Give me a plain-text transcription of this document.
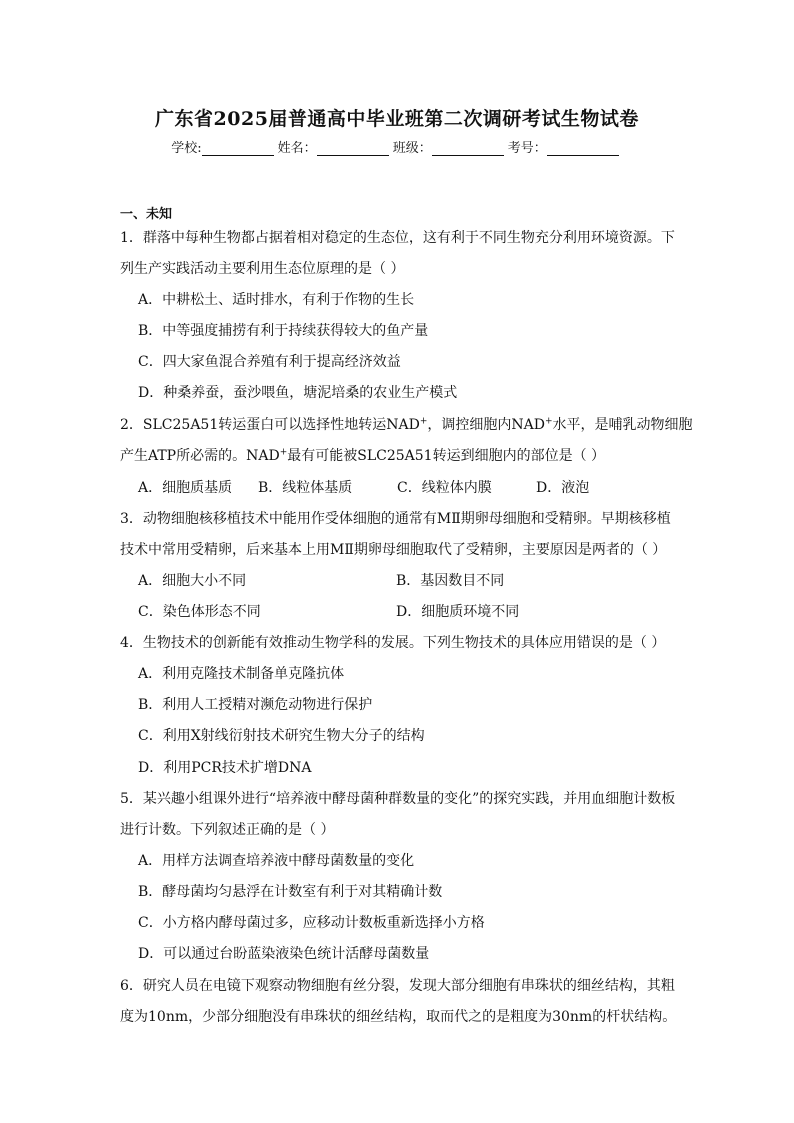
广东省2025届普通高中毕业班第二次调研考试生物试卷
学校:	姓名：	班级：	考号：
一、未知
1．群落中每种生物都占据着相对稳定的生态位，这有利于不同生物充分利用环境资源。下
列生产实践活动主要利用生态位原理的是（ ）
A．中耕松土、适时排水，有利于作物的生长
B．中等强度捕捞有利于持续获得较大的鱼产量
C．四大家鱼混合养殖有利于提高经济效益
D．种桑养蚕，蚕沙喂鱼，塘泥培桑的农业生产模式
2．SLC25A51转运蛋白可以选择性地转运NAD+，调控细胞内NAD+水平，是哺乳动物细胞
产生ATP所必需的。NAD+最有可能被SLC25A51转运到细胞内的部位是（ ）
A．细胞质基质 B．线粒体基质	C．线粒体内膜	D．液泡
3．动物细胞核移植技术中能用作受体细胞的通常有MⅡ期卵母细胞和受精卵。早期核移植
技术中常用受精卵，后来基本上用MⅡ期卵母细胞取代了受精卵，主要原因是两者的（ ）
A．细胞大小不同	B．基因数目不同
C．染色体形态不同	D．细胞质环境不同
4．生物技术的创新能有效推动生物学科的发展。下列生物技术的具体应用错误的是（ ）
A．利用克隆技术制备单克隆抗体
B．利用人工授精对濒危动物进行保护
C．利用X射线衍射技术研究生物大分子的结构
D．利用PCR技术扩增DNA
5．某兴趣小组课外进行“培养液中酵母菌种群数量的变化”的探究实践，并用血细胞计数板
进行计数。下列叙述正确的是（ ）
A．用样方法调查培养液中酵母菌数量的变化
B．酵母菌均匀悬浮在计数室有利于对其精确计数
C．小方格内酵母菌过多，应移动计数板重新选择小方格
D．可以通过台盼蓝染液染色统计活酵母菌数量
6．研究人员在电镜下观察动物细胞有丝分裂，发现大部分细胞有串珠状的细丝结构，其粗
度为10nm，少部分细胞没有串珠状的细丝结构，取而代之的是粗度为30nm的杆状结构。
